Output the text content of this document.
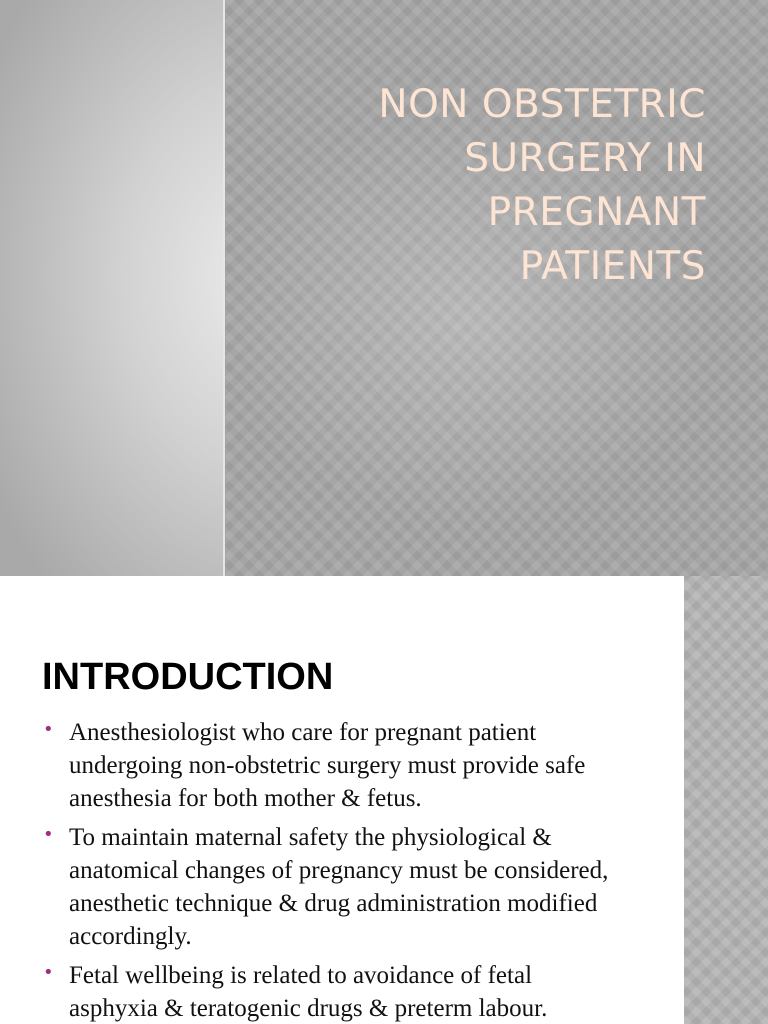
NON OBSTETRIC
SURGERY IN
PREGNANT
PATIENTS
INTRODUCTION
• Anesthesiologist who care for pregnant patient undergoing non-obstetric surgery must provide safe anesthesia for both mother & fetus.
• To maintain maternal safety the physiological & anatomical changes of pregnancy must be considered, anesthetic technique & drug administration modified accordingly.
• Fetal wellbeing is related to avoidance of fetal asphyxia & teratogenic drugs & preterm labour.
